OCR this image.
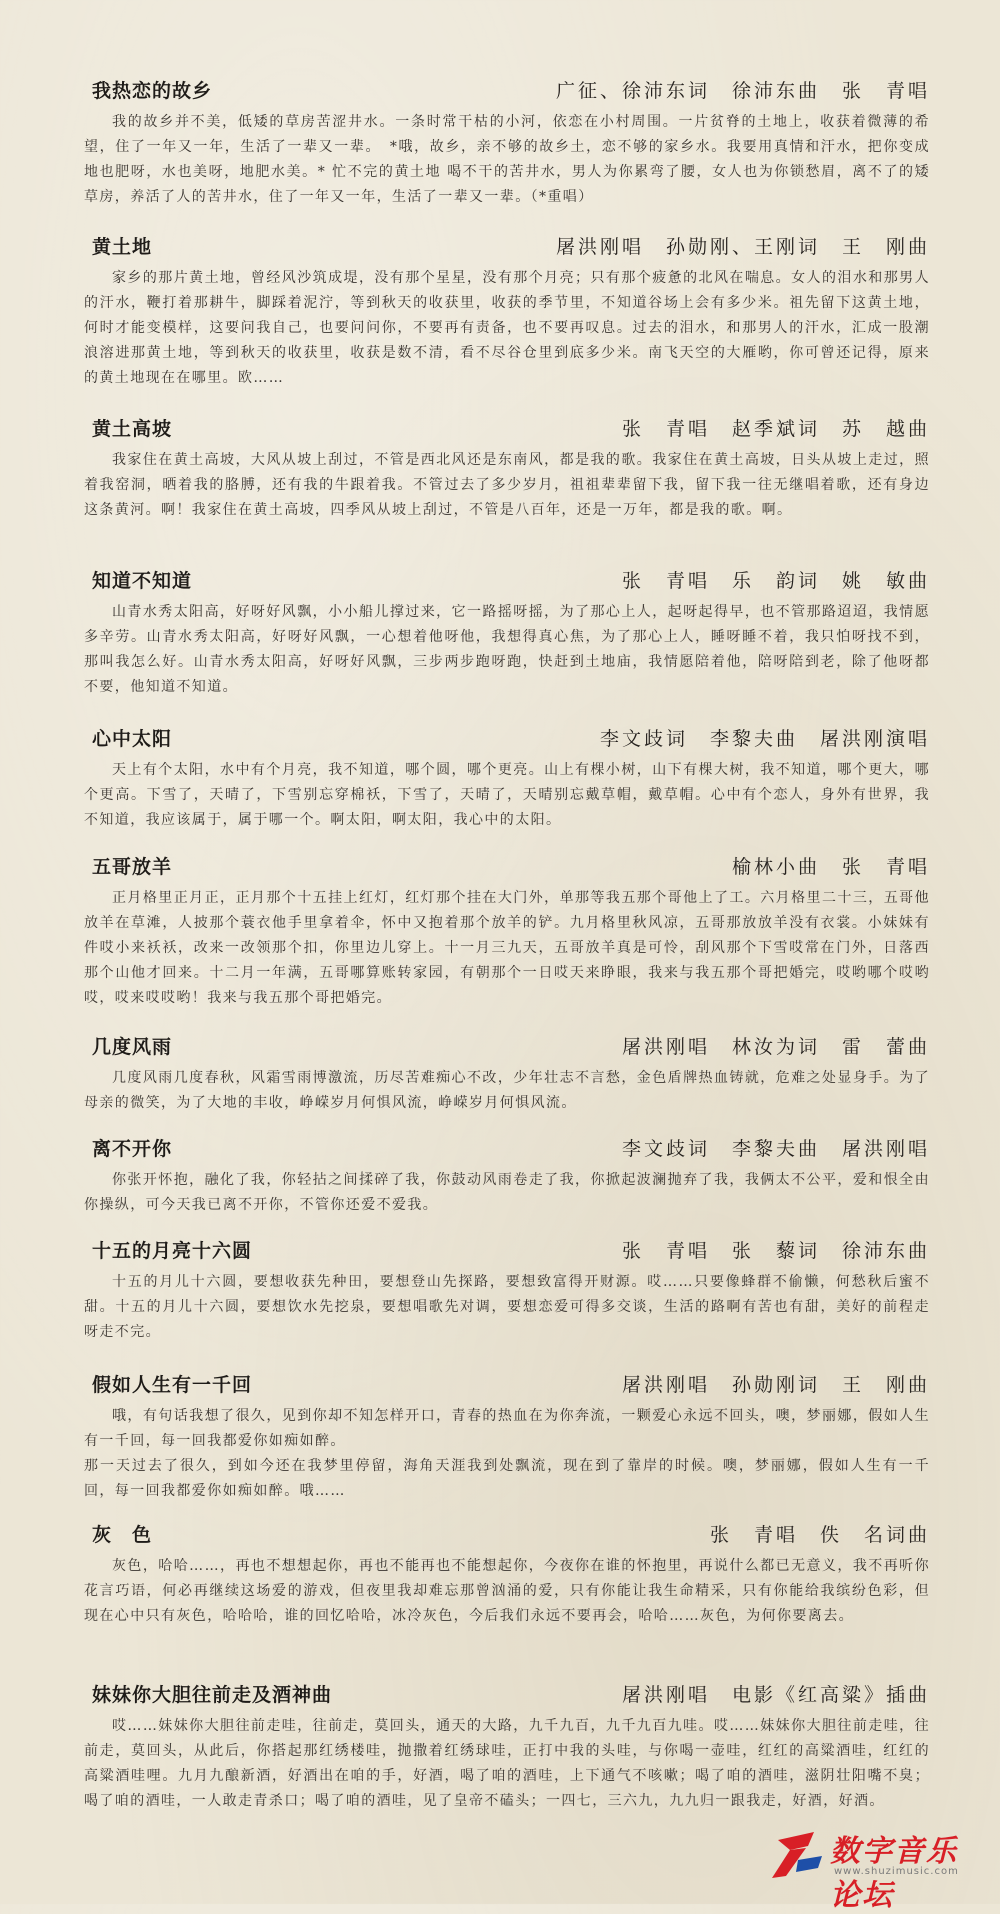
我热恋的故乡	广征、徐沛东词　徐沛东曲　张　青唱

我的故乡并不美，低矮的草房苦涩井水。一条时常干枯的小河，依恋在小村周围。一片贫脊的土地上，收获着微薄的希望，住了一年又一年，生活了一辈又一辈。　*哦，故乡，亲不够的故乡土，恋不够的家乡水。我要用真情和汗水，把你变成地也肥呀，水也美呀，地肥水美。* 忙不完的黄土地 喝不干的苦井水，男人为你累弯了腰，女人也为你锁愁眉，离不了的矮草房，养活了人的苦井水，住了一年又一年，生活了一辈又一辈。（*重唱）

黄土地	屠洪刚唱　孙勋刚、王刚词　王　刚曲

家乡的那片黄土地，曾经风沙筑成堤，没有那个星星，没有那个月亮；只有那个疲惫的北风在喘息。女人的泪水和那男人的汗水，鞭打着那耕牛，脚踩着泥泞，等到秋天的收获里，收获的季节里，不知道谷场上会有多少米。祖先留下这黄土地，何时才能变模样，这要问我自己，也要问问你，不要再有责备，也不要再叹息。过去的泪水，和那男人的汗水，汇成一股潮浪溶进那黄土地，等到秋天的收获里，收获是数不清，看不尽谷仓里到底多少米。南飞天空的大雁哟，你可曾还记得，原来的黄土地现在在哪里。欧……

黄土高坡	张　青唱　赵季斌词　苏　越曲

我家住在黄土高坡，大风从坡上刮过，不管是西北风还是东南风，都是我的歌。我家住在黄土高坡，日头从坡上走过，照着我窑洞，晒着我的胳膊，还有我的牛跟着我。不管过去了多少岁月，祖祖辈辈留下我，留下我一往无继唱着歌，还有身边这条黄河。啊！我家住在黄土高坡，四季风从坡上刮过，不管是八百年，还是一万年，都是我的歌。啊。

知道不知道	张　青唱　乐　韵词　姚　敏曲

山青水秀太阳高，好呀好风飘，小小船儿撑过来，它一路摇呀摇，为了那心上人，起呀起得早，也不管那路迢迢，我情愿多辛劳。山青水秀太阳高，好呀好风飘，一心想着他呀他，我想得真心焦，为了那心上人，睡呀睡不着，我只怕呀找不到，那叫我怎么好。山青水秀太阳高，好呀好风飘，三步两步跑呀跑，快赶到土地庙，我情愿陪着他，陪呀陪到老，除了他呀都不要，他知道不知道。

心中太阳	李文歧词　李黎夫曲　屠洪刚演唱

天上有个太阳，水中有个月亮，我不知道，哪个圆，哪个更亮。山上有棵小树，山下有棵大树，我不知道，哪个更大，哪个更高。下雪了，天晴了，下雪别忘穿棉袄，下雪了，天晴了，天晴别忘戴草帽，戴草帽。心中有个恋人，身外有世界，我不知道，我应该属于，属于哪一个。啊太阳，啊太阳，我心中的太阳。

五哥放羊	榆林小曲　张　青唱

正月格里正月正，正月那个十五挂上红灯，红灯那个挂在大门外，单那等我五那个哥他上了工。六月格里二十三，五哥他放羊在草滩，人披那个蓑衣他手里拿着伞，怀中又抱着那个放羊的铲。九月格里秋风凉，五哥那放放羊没有衣裳。小妹妹有件哎小来袄袄，改来一改领那个扣，你里边儿穿上。十一月三九天，五哥放羊真是可怜，刮风那个下雪哎常在门外，日落西那个山他才回来。十二月一年满，五哥哪算账转家园，有朝那个一日哎天来睁眼，我来与我五那个哥把婚完，哎哟哪个哎哟哎，哎来哎哎哟！我来与我五那个哥把婚完。

几度风雨	屠洪刚唱　林汝为词　雷　蕾曲

几度风雨几度春秋，风霜雪雨博激流，历尽苦难痴心不改，少年壮志不言愁，金色盾牌热血铸就，危难之处显身手。为了母亲的微笑，为了大地的丰收，峥嵘岁月何惧风流，峥嵘岁月何惧风流。

离不开你	李文歧词　李黎夫曲　屠洪刚唱

你张开怀抱，融化了我，你轻拈之间揉碎了我，你鼓动风雨卷走了我，你掀起波澜抛弃了我，我俩太不公平，爱和恨全由你操纵，可今天我已离不开你，不管你还爱不爱我。

十五的月亮十六圆	张　青唱　张　藜词　徐沛东曲

十五的月儿十六圆，要想收获先种田，要想登山先探路，要想致富得开财源。哎……只要像蜂群不偷懒，何愁秋后蜜不甜。十五的月儿十六圆，要想饮水先挖泉，要想唱歌先对调，要想恋爱可得多交谈，生活的路啊有苦也有甜，美好的前程走呀走不完。

假如人生有一千回	屠洪刚唱　孙勋刚词　王　刚曲

哦，有句话我想了很久，见到你却不知怎样开口，青春的热血在为你奔流，一颗爱心永远不回头，噢，梦丽娜，假如人生有一千回，每一回我都爱你如痴如醉。
那一天过去了很久，到如今还在我梦里停留，海角天涯我到处飘流，现在到了靠岸的时候。噢，梦丽娜，假如人生有一千回，每一回我都爱你如痴如醉。哦……

灰　色	张　青唱　佚　名词曲

灰色，哈哈……，再也不想想起你，再也不能再也不能想起你，今夜你在谁的怀抱里，再说什么都已无意义，我不再听你花言巧语，何必再继续这场爱的游戏，但夜里我却难忘那曾汹涌的爱，只有你能让我生命精采，只有你能给我缤纷色彩，但现在心中只有灰色，哈哈哈，谁的回忆哈哈，冰冷灰色，今后我们永远不要再会，哈哈……灰色，为何你要离去。

妹妹你大胆往前走及酒神曲	屠洪刚唱　电影《红高粱》插曲

哎……妹妹你大胆往前走哇，往前走，莫回头，通天的大路，九千九百，九千九百九哇。哎……妹妹你大胆往前走哇，往前走，莫回头，从此后，你搭起那红绣楼哇，抛撒着红绣球哇，正打中我的头哇，与你喝一壶哇，红红的高粱酒哇，红红的高粱酒哇哩。九月九酿新酒，好酒出在咱的手，好酒，喝了咱的酒哇，上下通气不咳嗽；喝了咱的酒哇，滋阴壮阳嘴不臭；喝了咱的酒哇，一人敢走青杀口；喝了咱的酒哇，见了皇帝不磕头；一四七，三六九，九九归一跟我走，好酒，好酒。

数字音乐论坛
www.shuzimusic.com
